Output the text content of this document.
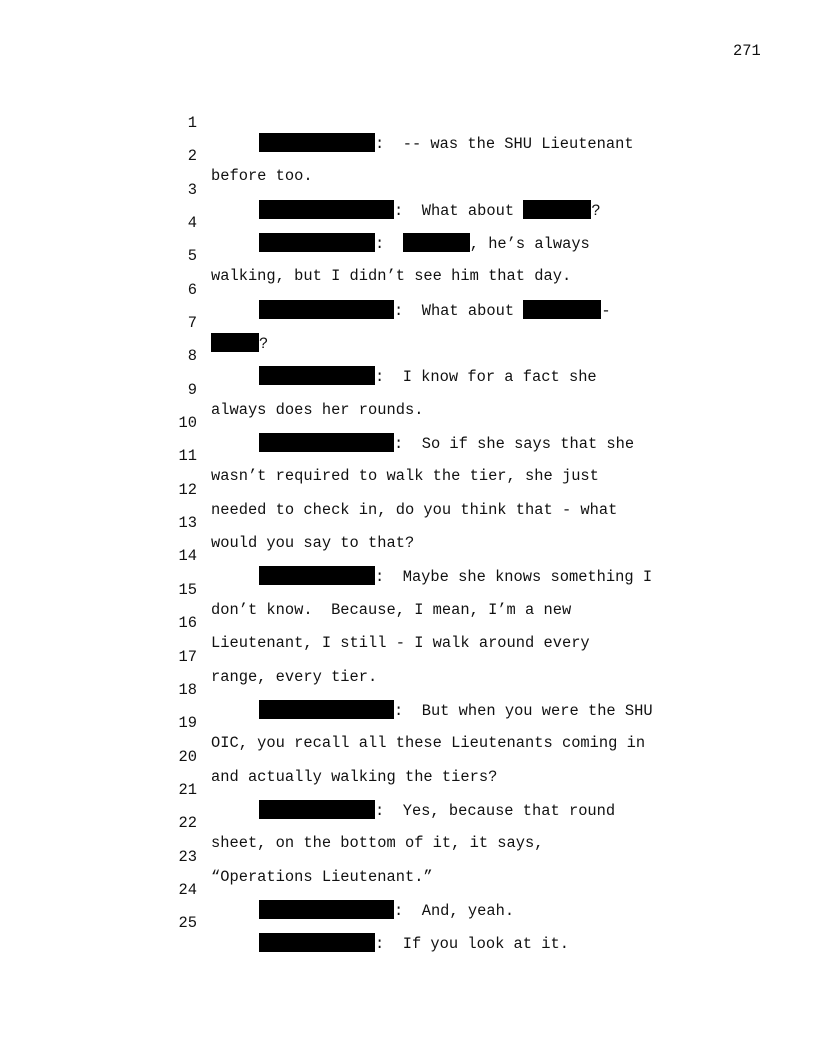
271

1

:  -- was the SHU Lieutenant

2

before too.

3

:  What about	?

4

:	, he’s always

5

walking, but I didn’t see him that day.

6

:  What about	-

7

?

8

:  I know for a fact she

9

always does her rounds.

10

:  So if she says that she

11

wasn’t required to walk the tier, she just

12

needed to check in, do you think that - what

13

would you say to that?

14

:  Maybe she knows something I

15

don’t know.  Because, I mean, I’m a new

16

Lieutenant, I still - I walk around every

17

range, every tier.

18

:  But when you were the SHU

19

OIC, you recall all these Lieutenants coming in

20

and actually walking the tiers?

21

:  Yes, because that round

22

sheet, on the bottom of it, it says,

23

“Operations Lieutenant.”

24

:  And, yeah.

25

:  If you look at it.
